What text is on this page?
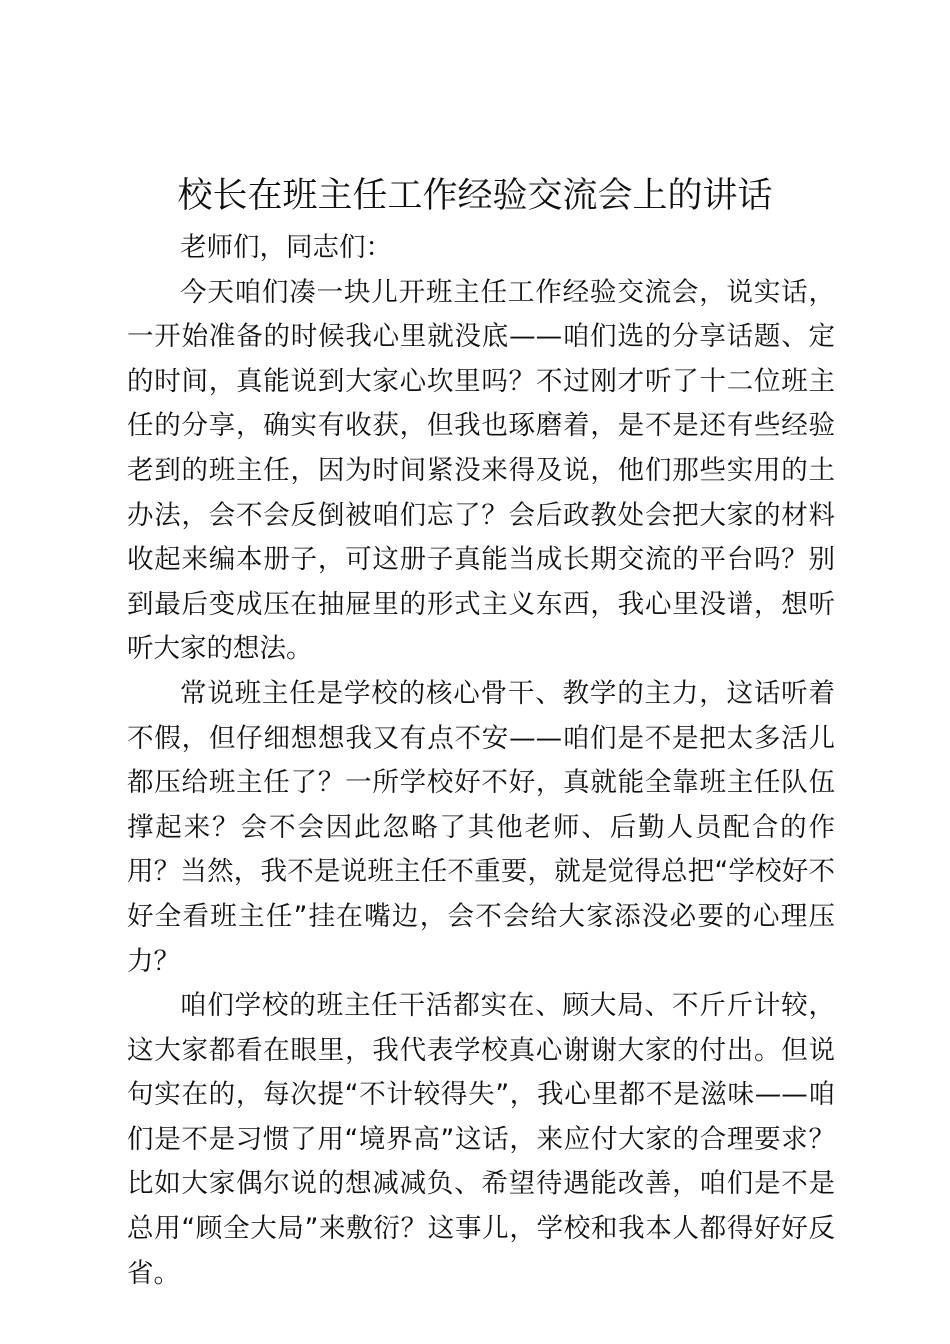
校长在班主任工作经验交流会上的讲话

老师们，同志们：

今天咱们凑一块儿开班主任工作经验交流会，说实话，一开始准备的时候我心里就没底——咱们选的分享话题、定的时间，真能说到大家心坎里吗？不过刚才听了十二位班主任的分享，确实有收获，但我也琢磨着，是不是还有些经验老到的班主任，因为时间紧没来得及说，他们那些实用的土办法，会不会反倒被咱们忘了？会后政教处会把大家的材料收起来编本册子，可这册子真能当成长期交流的平台吗？别到最后变成压在抽屉里的形式主义东西，我心里没谱，想听听大家的想法。

常说班主任是学校的核心骨干、教学的主力，这话听着不假，但仔细想想我又有点不安——咱们是不是把太多活儿都压给班主任了？一所学校好不好，真就能全靠班主任队伍撑起来？会不会因此忽略了其他老师、后勤人员配合的作用？当然，我不是说班主任不重要，就是觉得总把“学校好不好全看班主任”挂在嘴边，会不会给大家添没必要的心理压力？

咱们学校的班主任干活都实在、顾大局、不斤斤计较，这大家都看在眼里，我代表学校真心谢谢大家的付出。但说句实在的，每次提“不计较得失”，我心里都不是滋味——咱们是不是习惯了用“境界高”这话，来应付大家的合理要求？比如大家偶尔说的想减减负、希望待遇能改善，咱们是不是总用“顾全大局”来敷衍？这事儿，学校和我本人都得好好反省。
